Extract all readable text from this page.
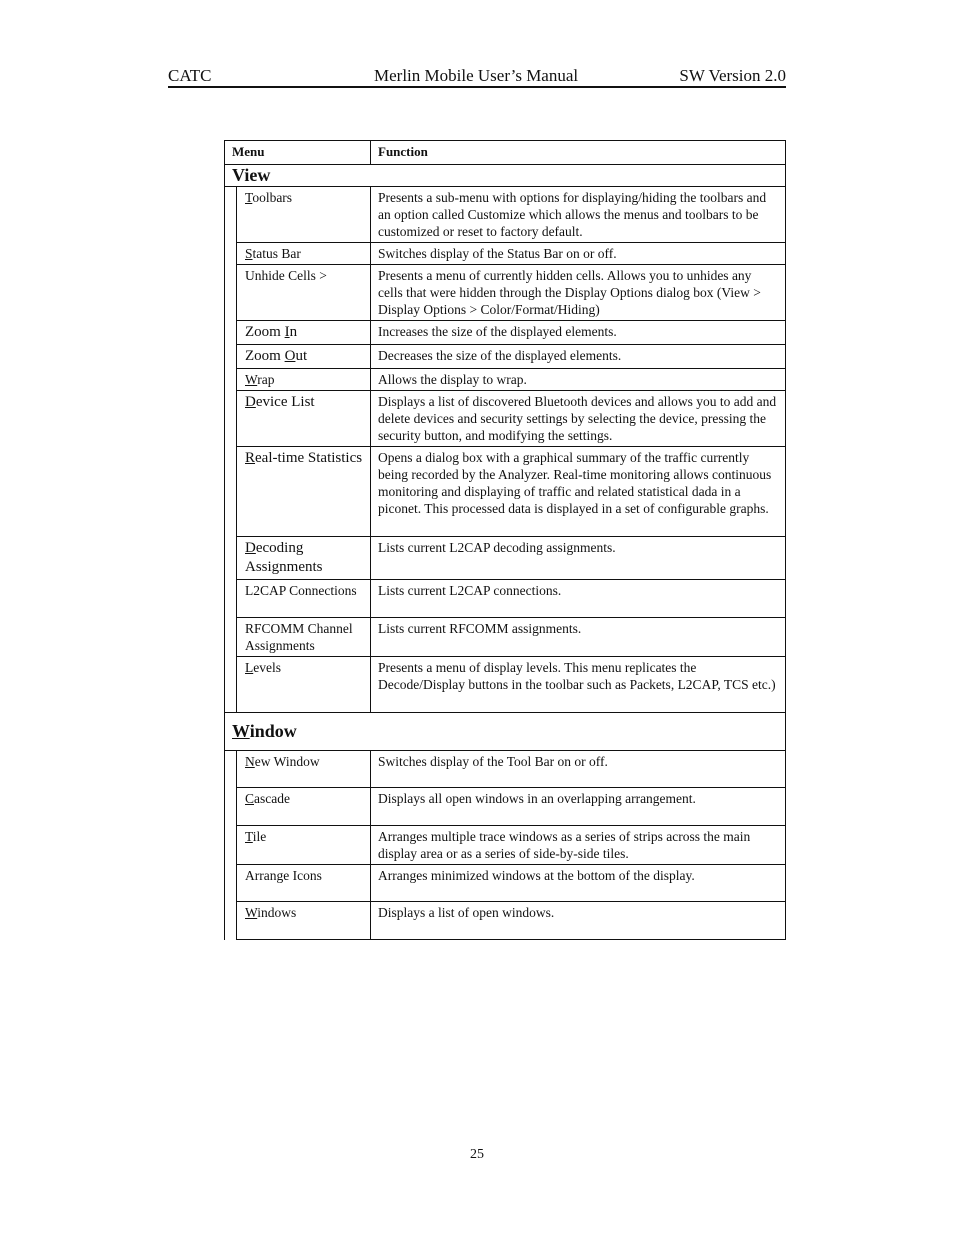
CATC	Merlin Mobile User’s Manual	SW Version 2.0
Menu		Function
View		
	Toolbars	Presents a sub-menu with options for displaying/hiding the toolbars and an option called Customize which allows the menus and toolbars to be customized or reset to factory default.
	Status Bar	Switches display of the Status Bar on or off.
	Unhide Cells >	Presents a menu of currently hidden cells. Allows you to unhides any cells that were hidden through the Display Options dialog box (View > Display Options > Color/Format/Hiding)
	Zoom In	Increases the size of the displayed elements.
	Zoom Out	Decreases the size of the displayed elements.
	Wrap	Allows the display to wrap.
	Device List	Displays a list of discovered Bluetooth devices and allows you to add and delete devices and security settings by selecting the device, pressing the security button, and modifying the settings.
	Real-time Statistics	Opens a dialog box with a graphical summary of the traffic currently being recorded by the Analyzer. Real-time monitoring allows continuous monitoring and displaying of traffic and related statistical dada in a piconet. This processed data is displayed in a set of configurable graphs.
	Decoding Assignments	Lists current L2CAP decoding assignments.
	L2CAP Connections	Lists current L2CAP connections.
	RFCOMM Channel Assignments	Lists current RFCOMM assignments.
	Levels	Presents a menu of display levels. This menu replicates the Decode/Display buttons in the toolbar such as Packets, L2CAP, TCS etc.)
Window		
	New Window	Switches display of the Tool Bar on or off.
	Cascade	Displays all open windows in an overlapping arrangement.
	Tile	Arranges multiple trace windows as a series of strips across the main display area or as a series of side-by-side tiles.
	Arrange Icons	Arranges minimized windows at the bottom of the display.
	Windows	Displays a list of open windows.
25
